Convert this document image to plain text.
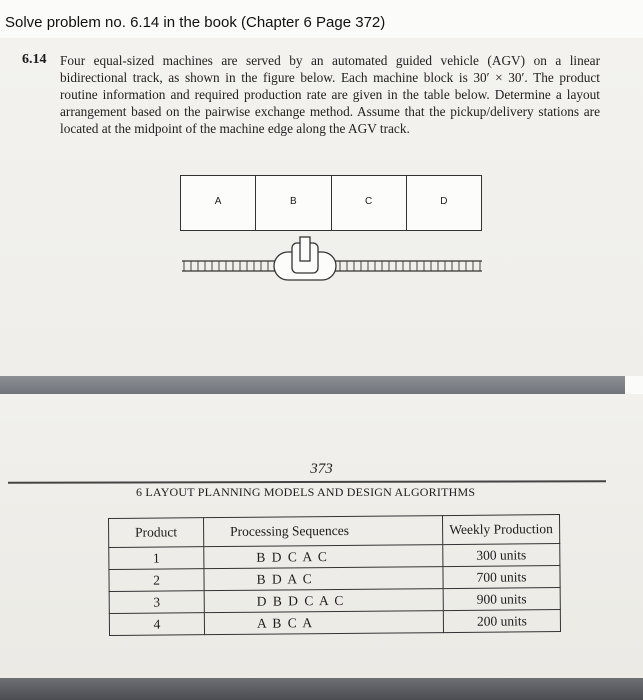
Solve problem no. 6.14 in the book (Chapter 6 Page 372)
6.14 Four equal-sized machines are served by an automated guided vehicle (AGV) on a linear bidirectional track, as shown in the figure below. Each machine block is 30′ × 30′. The product routine information and required production rate are given in the table below. Determine a layout arrangement based on the pairwise exchange method. Assume that the pickup/delivery stations are located at the midpoint of the machine edge along the AGV track.
A	B	C	D
373
6 LAYOUT PLANNING MODELS AND DESIGN ALGORITHMS
Product	Processing Sequences	Weekly Production
1	B D C A C	300 units
2	B D A C	700 units
3	D B D C A C	900 units
4	A B C A	200 units
